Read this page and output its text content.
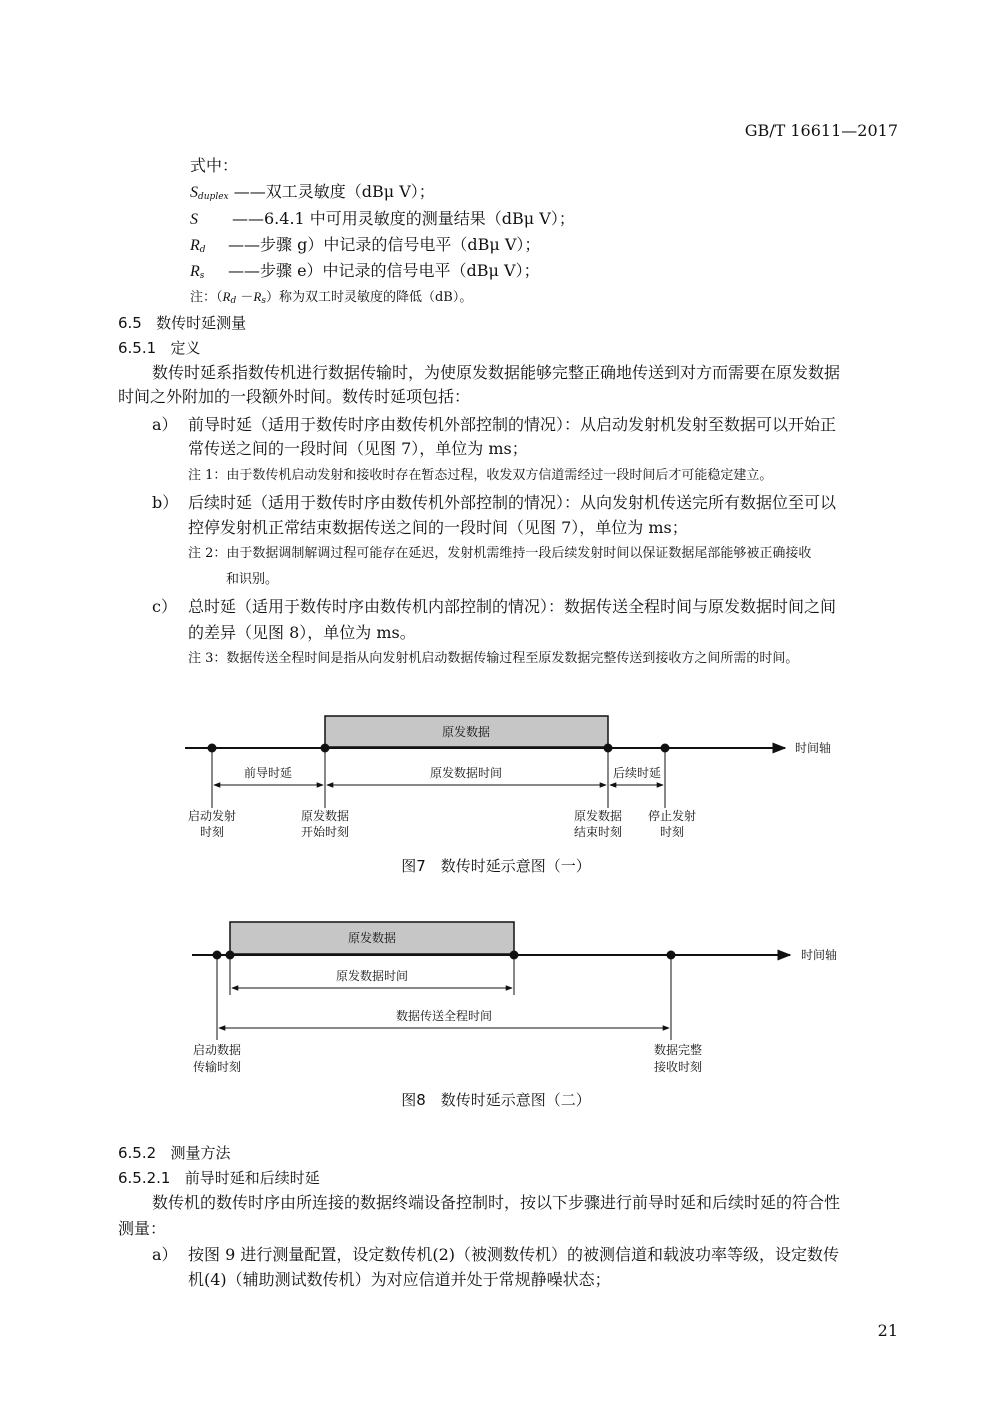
GB/T 16611—2017
式中：
$S_{duplex}$ ——双工灵敏度（dBμ V）；
S ——6.4.1 中可用灵敏度的测量结果（dBμ V）；
$R_d$ ——步骤 g）中记录的信号电平（dBμ V）；
$R_s$ ——步骤 e）中记录的信号电平（dBμ V）；
注：$(R_d -R_s)$称为双工时灵敏度的降低（dB）。
6.5 数传时延测量
6.5.1 定义
数传时延系指数传机进行数据传输时，为使原发数据能够完整正确地传送到对方而需要在原发数据
时间之外附加的一段额外时间。数传时延项包括：
a） 前导时延（适用于数传时序由数传机外部控制的情况）：从启动发射机发射至数据可以开始正
常传送之间的一段时间（见图 7），单位为 ms；
注 1：由于数传机启动发射和接收时存在暂态过程，收发双方信道需经过一段时间后才可能稳定建立。
b） 后续时延（适用于数传时序由数传机外部控制的情况）：从向发射机传送完所有数据位至可以
控停发射机正常结束数据传送之间的一段时间（见图 7），单位为 ms；
注 2：由于数据调制解调过程可能存在延迟，发射机需维持一段后续发射时间以保证数据尾部能够被正确接收
和识别。
c） 总时延（适用于数传时序由数传机内部控制的情况）：数据传送全程时间与原发数据时间之间
的差异（见图 8），单位为 ms。
注 3：数据传送全程时间是指从向发射机启动数据传输过程至原发数据完整传送到接收方之间所需的时间。
原发数据
时间轴
前导时延	原发数据时间	后续时延
启动发射
时刻
原发数据
开始时刻
原发数据
结束时刻
停止发射
时刻
图7　数传时延示意图（一）
原发数据
时间轴
原发数据时间
数据传送全程时间
启动数据
传输时刻
数据完整
接收时刻
图8　数传时延示意图（二）
6.5.2 测量方法
6.5.2.1 前导时延和后续时延
数传机的数传时序由所连接的数据终端设备控制时，按以下步骤进行前导时延和后续时延的符合性
测量：
a） 按图 9 进行测量配置，设定数传机(2)（被测数传机）的被测信道和载波功率等级，设定数传
机(4)（辅助测试数传机）为对应信道并处于常规静噪状态；
21
